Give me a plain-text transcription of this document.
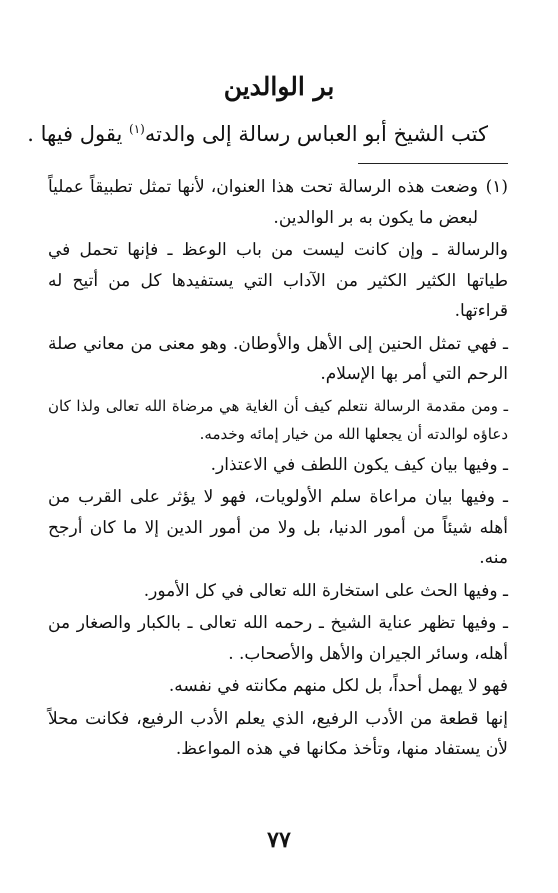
بر الوالدين
كتب الشيخ أبو العباس رسالة إلى والدته$^{(١)}$ يقول فيها .
(١)
وضعت هذه الرسالة تحت هذا العنوان، لأنها تمثل تطبيقاً عملياً لبعض ما يكون به بر الوالدين.
والرسالة ـ وإن كانت ليست من باب الوعظ ـ فإنها تحمل في طياتها الكثير الكثير من الآداب التي يستفيدها كل من أتيح له قراءتها.
ـ فهي تمثل الحنين إلى الأهل والأوطان. وهو معنى من معاني صلة الرحم التي أمر بها الإسلام.
ـ ومن مقدمة الرسالة نتعلم كيف أن الغاية هي مرضاة الله تعالى ولذا كان دعاؤه لوالدته أن يجعلها الله من خيار إمائه وخدمه.
ـ وفيها بيان كيف يكون اللطف في الاعتذار.
ـ وفيها بيان مراعاة سلم الأولويات، فهو لا يؤثر على القرب من أهله شيئاً من أمور الدنيا، بل ولا من أمور الدين إلا ما كان أرجح منه.
ـ وفيها الحث على استخارة الله تعالى في كل الأمور.
ـ وفيها تظهر عناية الشيخ ـ رحمه الله تعالى ـ بالكبار والصغار من أهله، وسائر الجيران والأهل والأصحاب. .
فهو لا يهمل أحداً، بل لكل منهم مكانته في نفسه.
إنها قطعة من الأدب الرفيع، الذي يعلم الأدب الرفيع، فكانت محلاً لأن يستفاد منها، وتأخذ مكانها في هذه المواعظ.
٧٧
